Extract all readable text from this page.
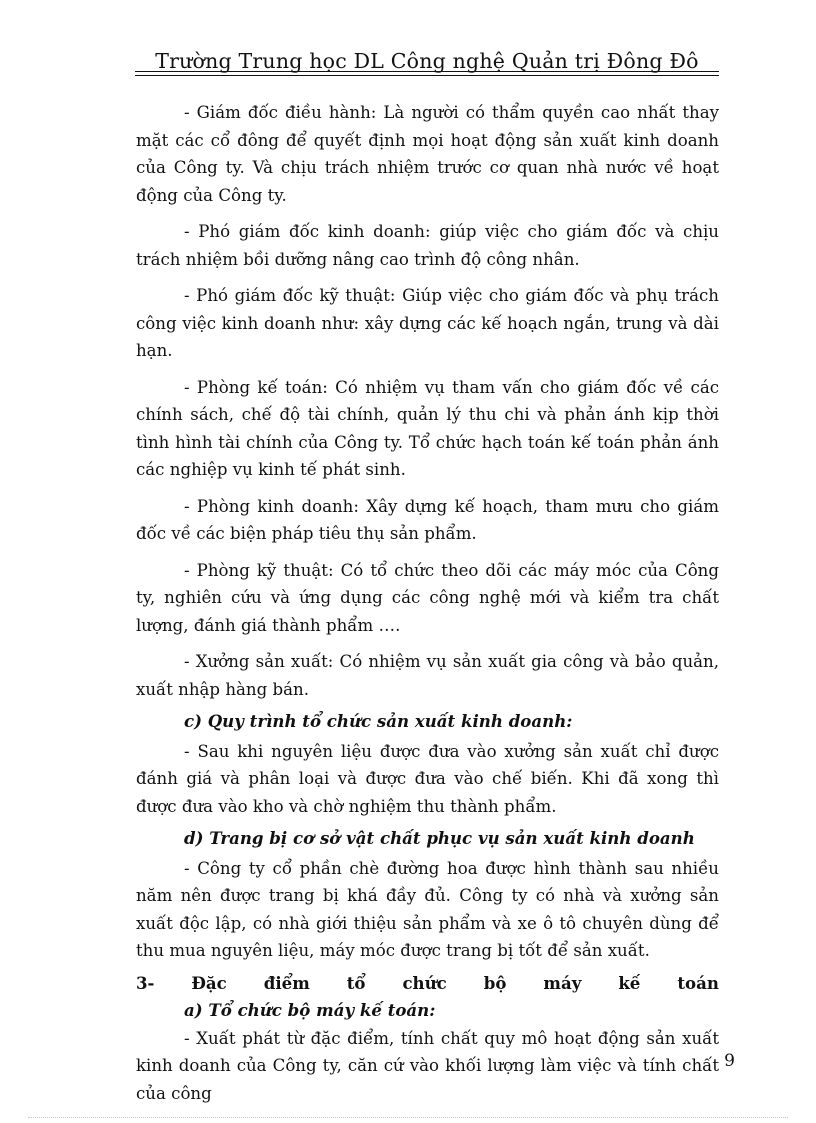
Trường Trung học DL Công nghệ Quản trị Đông Đô

- Giám đốc điều hành: Là người có thẩm quyền cao nhất thay mặt các cổ đông để quyết định mọi hoạt động sản xuất kinh doanh của Công ty. Và chịu trách nhiệm trước cơ quan nhà nước về hoạt động của Công ty.

- Phó giám đốc kinh doanh: giúp việc cho giám đốc và chịu trách nhiệm bồi dưỡng nâng cao trình độ công nhân.

- Phó giám đốc kỹ thuật: Giúp việc cho giám đốc và phụ trách công việc kinh doanh như: xây dựng các kế hoạch ngắn, trung và dài hạn.

- Phòng kế toán: Có nhiệm vụ tham vấn cho giám đốc về các chính sách, chế độ tài chính, quản lý thu chi và phản ánh kịp thời tình hình tài chính của Công ty. Tổ chức hạch toán kế toán phản ánh các nghiệp vụ kinh tế phát sinh.

- Phòng kinh doanh: Xây dựng kế hoạch, tham mưu cho giám đốc về các biện pháp tiêu thụ sản phẩm.

- Phòng kỹ thuật: Có tổ chức theo dõi các máy móc của Công ty, nghiên cứu và ứng dụng các công nghệ mới và kiểm tra chất lượng, đánh giá thành phẩm ….

- Xưởng sản xuất: Có nhiệm vụ sản xuất gia công và bảo quản, xuất nhập hàng bán.

c) Quy trình tổ chức sản xuất kinh doanh:

- Sau khi nguyên liệu được đưa vào xưởng sản xuất chỉ được đánh giá và phân loại và được đưa vào chế biến. Khi đã xong thì được đưa vào kho và chờ nghiệm thu thành phẩm.

d) Trang bị cơ sở vật chất phục vụ sản xuất kinh doanh

- Công ty cổ phần chè đường hoa được hình thành sau nhiều năm nên được trang bị khá đầy đủ. Công ty có nhà và xưởng sản xuất độc lập, có nhà giới thiệu sản phẩm và xe ô tô chuyên dùng để thu mua nguyên liệu, máy móc được trang bị tốt để sản xuất.

3- Đặc điểm tổ chức bộ máy kế toán

a) Tổ chức bộ máy kế toán:

- Xuất phát từ đặc điểm, tính chất quy mô hoạt động sản xuất kinh doanh của Công ty, căn cứ vào khối lượng làm việc và tính chất của công

9
